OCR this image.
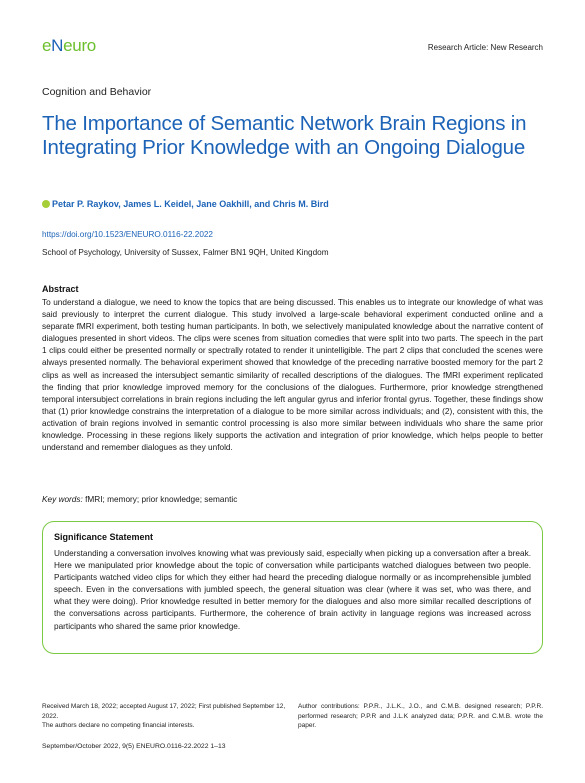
eNeuro	Research Article: New Research
Cognition and Behavior
The Importance of Semantic Network Brain Regions in Integrating Prior Knowledge with an Ongoing Dialogue
Petar P. Raykov, James L. Keidel, Jane Oakhill, and Chris M. Bird
https://doi.org/10.1523/ENEURO.0116-22.2022
School of Psychology, University of Sussex, Falmer BN1 9QH, United Kingdom
Abstract

To understand a dialogue, we need to know the topics that are being discussed. This enables us to integrate our knowledge of what was said previously to interpret the current dialogue. This study involved a large-scale behavioral experiment conducted online and a separate fMRI experiment, both testing human participants. In both, we selectively manipulated knowledge about the narrative content of dialogues presented in short videos. The clips were scenes from situation comedies that were split into two parts. The speech in the part 1 clips could either be presented normally or spectrally rotated to render it unintelligible. The part 2 clips that concluded the scenes were always presented normally. The behavioral experiment showed that knowledge of the preceding narrative boosted memory for the part 2 clips as well as increased the intersubject semantic similarity of recalled descriptions of the dialogues. The fMRI experiment replicated the finding that prior knowledge improved memory for the conclusions of the dialogues. Furthermore, prior knowledge strengthened temporal intersubject correlations in brain regions including the left angular gyrus and inferior frontal gyrus. Together, these findings show that (1) prior knowledge constrains the interpretation of a dialogue to be more similar across individuals; and (2), consistent with this, the activation of brain regions involved in semantic control processing is also more similar between individuals who share the same prior knowledge. Processing in these regions likely supports the activation and integration of prior knowledge, which helps people to better understand and remember dialogues as they unfold.

Key words: fMRI; memory; prior knowledge; semantic
Significance Statement

Understanding a conversation involves knowing what was previously said, especially when picking up a conversation after a break. Here we manipulated prior knowledge about the topic of conversation while participants watched dialogues between two people. Participants watched video clips for which they either had heard the preceding dialogue normally or as incomprehensible jumbled speech. Even in the conversations with jumbled speech, the general situation was clear (where it was set, who was there, and what they were doing). Prior knowledge resulted in better memory for the dialogues and also more similar recalled descriptions of the conversations across participants. Furthermore, the coherence of brain activity in language regions was increased across participants who shared the same prior knowledge.

Received March 18, 2022; accepted August 17, 2022; First published September 12, 2022.
The authors declare no competing financial interests.
Author contributions: P.P.R., J.L.K., J.O., and C.M.B. designed research; P.P.R. performed research; P.P.R and J.L.K analyzed data; P.P.R. and C.M.B. wrote the paper.
September/October 2022, 9(5) ENEURO.0116-22.2022 1–13
